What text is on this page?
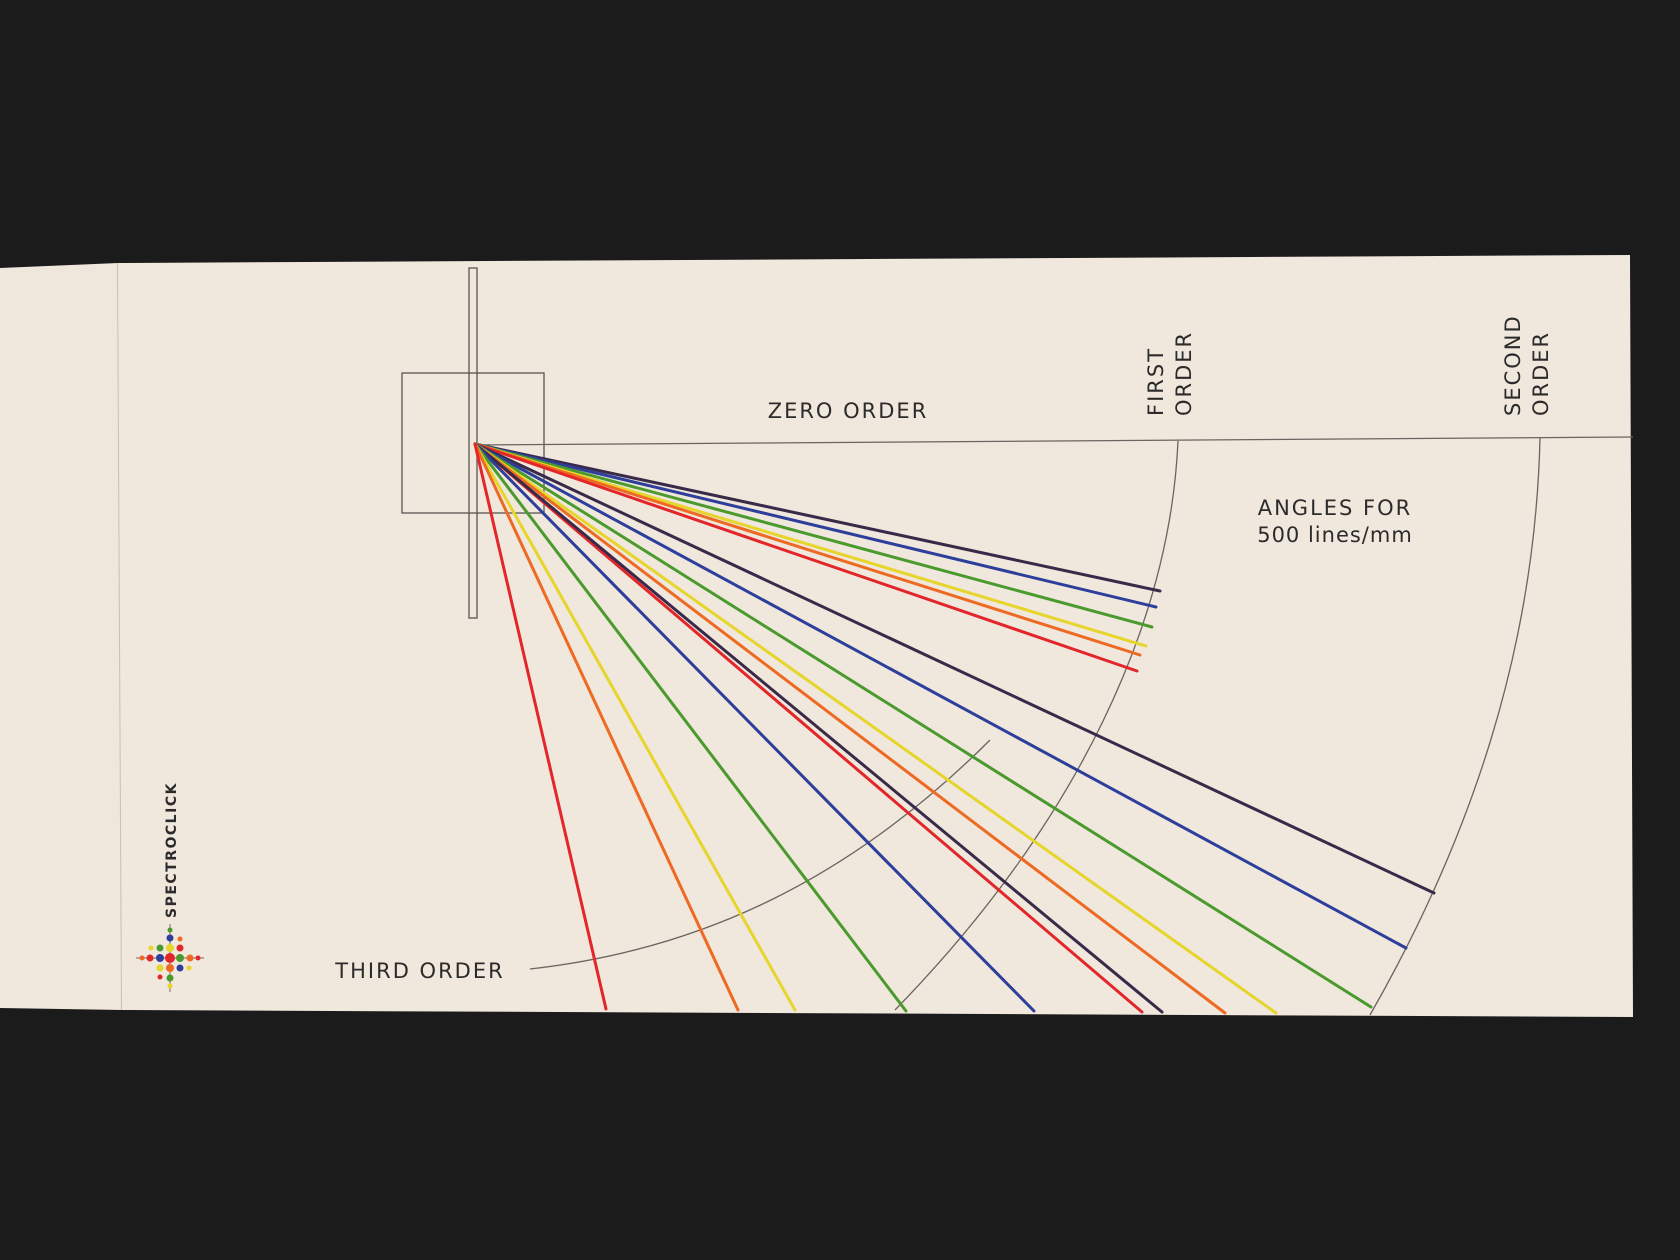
ZERO ORDER	FIRST ORDER	SECOND ORDER
ANGLES FOR
500 lines/mm
THIRD ORDER
SPECTROCLICK
